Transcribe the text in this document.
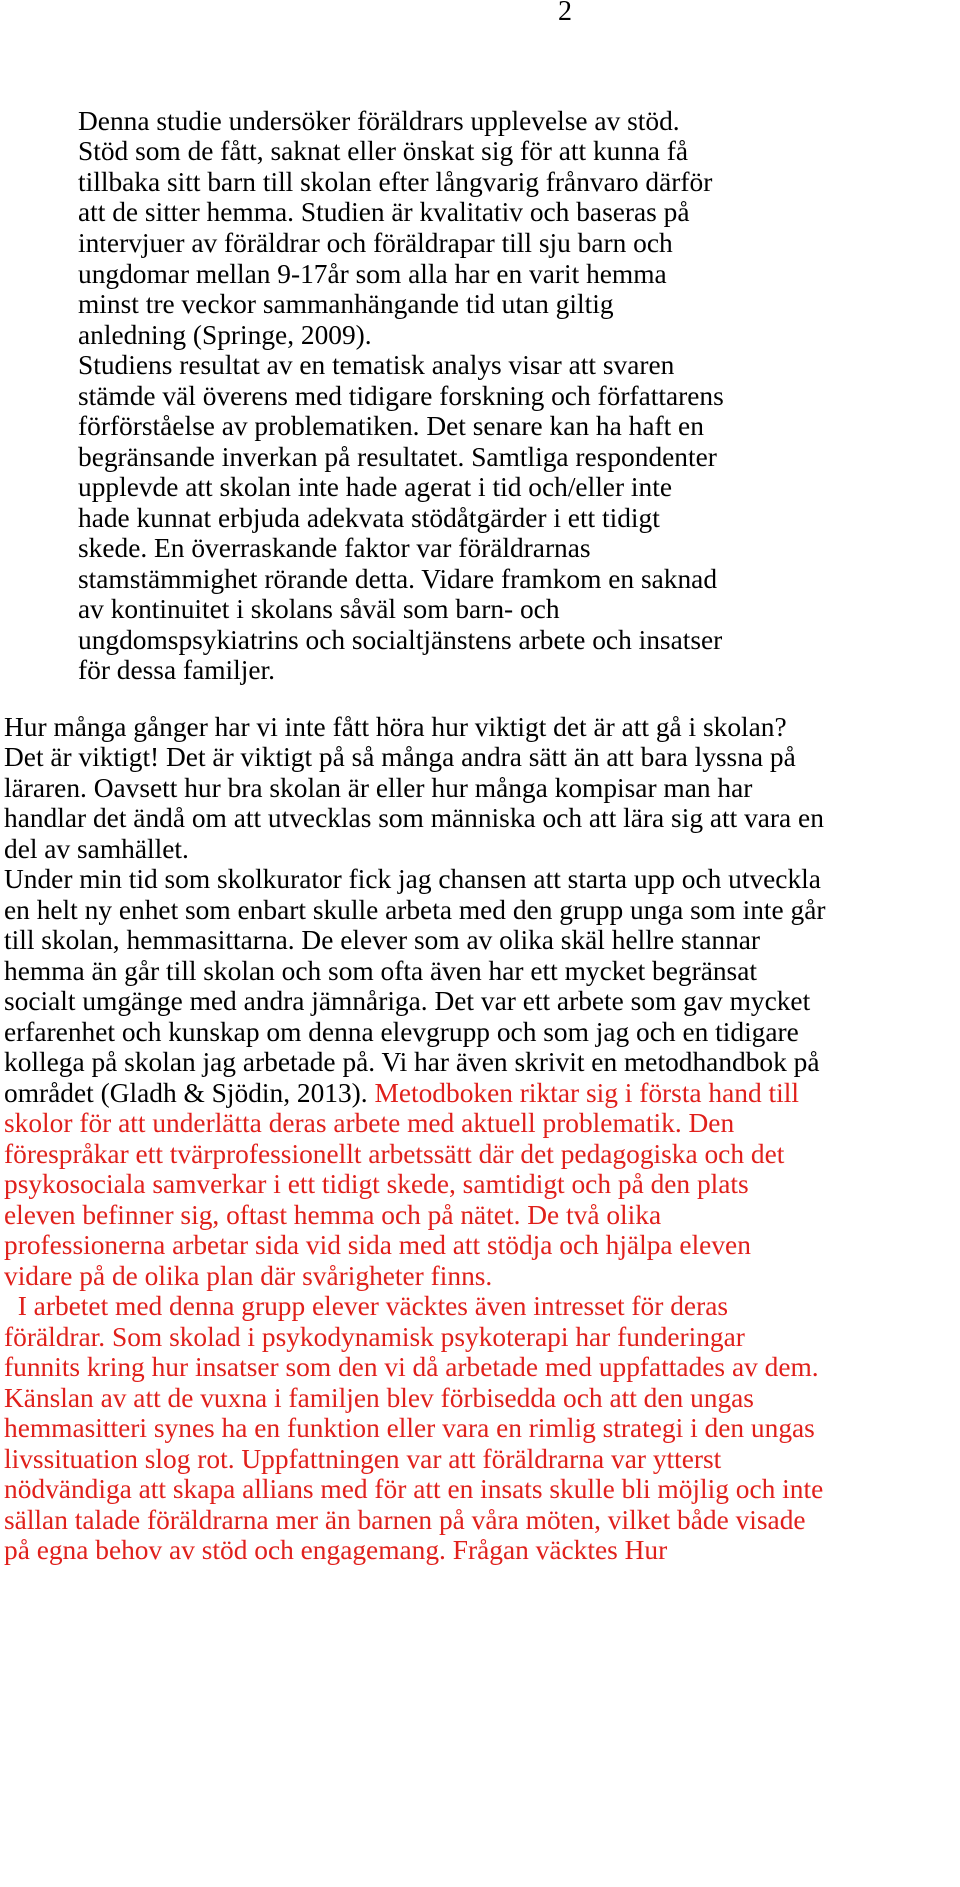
2
Denna studie undersöker föräldrars upplevelse av stöd.
Stöd som de fått, saknat eller önskat sig för att kunna få
tillbaka sitt barn till skolan efter långvarig frånvaro därför
att de sitter hemma. Studien är kvalitativ och baseras på
intervjuer av föräldrar och föräldrapar till sju barn och
ungdomar mellan 9-17år som alla har en varit hemma
minst tre veckor sammanhängande tid utan giltig
anledning (Springe, 2009).
Studiens resultat av en tematisk analys visar att svaren
stämde väl överens med tidigare forskning och författarens
förförståelse av problematiken. Det senare kan ha haft en
begränsande inverkan på resultatet. Samtliga respondenter
upplevde att skolan inte hade agerat i tid och/eller inte
hade kunnat erbjuda adekvata stödåtgärder i ett tidigt
skede. En överraskande faktor var föräldrarnas
stamstämmighet rörande detta. Vidare framkom en saknad
av kontinuitet i skolans såväl som barn- och
ungdomspsykiatrins och socialtjänstens arbete och insatser
för dessa familjer.
Hur många gånger har vi inte fått höra hur viktigt det är att gå i skolan?
Det är viktigt! Det är viktigt på så många andra sätt än att bara lyssna på
läraren. Oavsett hur bra skolan är eller hur många kompisar man har
handlar det ändå om att utvecklas som människa och att lära sig att vara en
del av samhället.
Under min tid som skolkurator fick jag chansen att starta upp och utveckla
en helt ny enhet som enbart skulle arbeta med den grupp unga som inte går
till skolan, hemmasittarna. De elever som av olika skäl hellre stannar
hemma än går till skolan och som ofta även har ett mycket begränsat
socialt umgänge med andra jämnåriga. Det var ett arbete som gav mycket
erfarenhet och kunskap om denna elevgrupp och som jag och en tidigare
kollega på skolan jag arbetade på. Vi har även skrivit en metodhandbok på
området (Gladh & Sjödin, 2013). Metodboken riktar sig i första hand till
skolor för att underlätta deras arbete med aktuell problematik. Den
förespråkar ett tvärprofessionellt arbetssätt där det pedagogiska och det
psykosociala samverkar i ett tidigt skede, samtidigt och på den plats
eleven befinner sig, oftast hemma och på nätet. De två olika
professionerna arbetar sida vid sida med att stödja och hjälpa eleven
vidare på de olika plan där svårigheter finns.
I arbetet med denna grupp elever väcktes även intresset för deras
föräldrar. Som skolad i psykodynamisk psykoterapi har funderingar
funnits kring hur insatser som den vi då arbetade med uppfattades av dem.
Känslan av att de vuxna i familjen blev förbisedda och att den ungas
hemmasitteri synes ha en funktion eller vara en rimlig strategi i den ungas
livssituation slog rot. Uppfattningen var att föräldrarna var ytterst
nödvändiga att skapa allians med för att en insats skulle bli möjlig och inte
sällan talade föräldrarna mer än barnen på våra möten, vilket både visade
på egna behov av stöd och engagemang. Frågan väcktes Hur
